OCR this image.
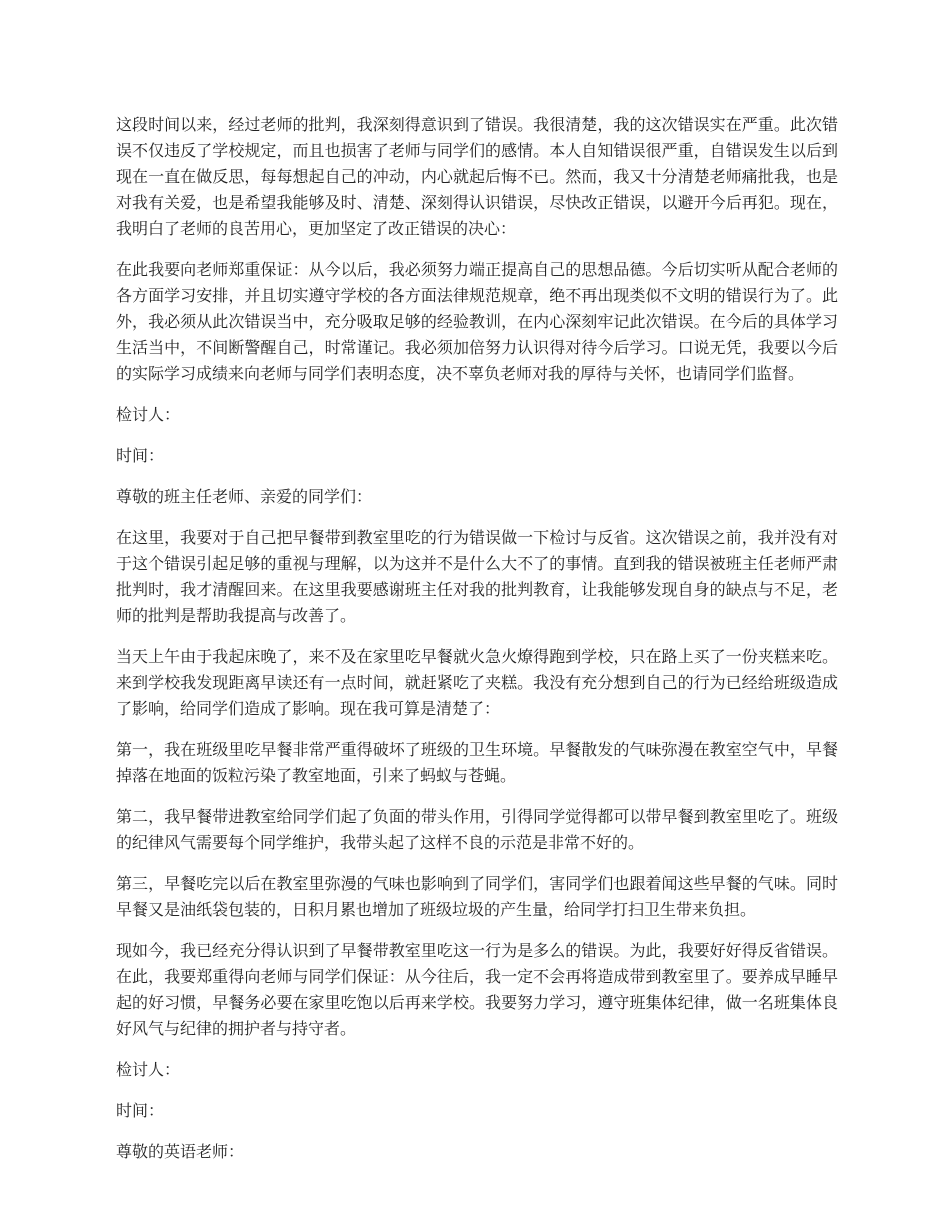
这段时间以来，经过老师的批判，我深刻得意识到了错误。我很清楚，我的这次错误实在严重。此次错误不仅违反了学校规定，而且也损害了老师与同学们的感情。本人自知错误很严重，自错误发生以后到现在一直在做反思，每每想起自己的冲动，内心就起后悔不已。然而，我又十分清楚老师痛批我，也是对我有关爱，也是希望我能够及时、清楚、深刻得认识错误，尽快改正错误，以避开今后再犯。现在，我明白了老师的良苦用心，更加坚定了改正错误的决心：

在此我要向老师郑重保证：从今以后，我必须努力端正提高自己的思想品德。今后切实听从配合老师的各方面学习安排，并且切实遵守学校的各方面法律规范规章，绝不再出现类似不文明的错误行为了。此外，我必须从此次错误当中，充分吸取足够的经验教训，在内心深刻牢记此次错误。在今后的具体学习生活当中，不间断警醒自己，时常谨记。我必须加倍努力认识得对待今后学习。口说无凭，我要以今后的实际学习成绩来向老师与同学们表明态度，决不辜负老师对我的厚待与关怀，也请同学们监督。

检讨人：

时间：

尊敬的班主任老师、亲爱的同学们：

在这里，我要对于自己把早餐带到教室里吃的行为错误做一下检讨与反省。这次错误之前，我并没有对于这个错误引起足够的重视与理解，以为这并不是什么大不了的事情。直到我的错误被班主任老师严肃批判时，我才清醒回来。在这里我要感谢班主任对我的批判教育，让我能够发现自身的缺点与不足，老师的批判是帮助我提高与改善了。

当天上午由于我起床晚了，来不及在家里吃早餐就火急火燎得跑到学校，只在路上买了一份夹糕来吃。来到学校我发现距离早读还有一点时间，就赶紧吃了夹糕。我没有充分想到自己的行为已经给班级造成了影响，给同学们造成了影响。现在我可算是清楚了：

第一，我在班级里吃早餐非常严重得破坏了班级的卫生环境。早餐散发的气味弥漫在教室空气中，早餐掉落在地面的饭粒污染了教室地面，引来了蚂蚁与苍蝇。

第二，我早餐带进教室给同学们起了负面的带头作用，引得同学觉得都可以带早餐到教室里吃了。班级的纪律风气需要每个同学维护，我带头起了这样不良的示范是非常不好的。

第三，早餐吃完以后在教室里弥漫的气味也影响到了同学们，害同学们也跟着闻这些早餐的气味。同时早餐又是油纸袋包装的，日积月累也增加了班级垃圾的产生量，给同学打扫卫生带来负担。

现如今，我已经充分得认识到了早餐带教室里吃这一行为是多么的错误。为此，我要好好得反省错误。在此，我要郑重得向老师与同学们保证：从今往后，我一定不会再将造成带到教室里了。要养成早睡早起的好习惯，早餐务必要在家里吃饱以后再来学校。我要努力学习，遵守班集体纪律，做一名班集体良好风气与纪律的拥护者与持守者。

检讨人：

时间：

尊敬的英语老师：
